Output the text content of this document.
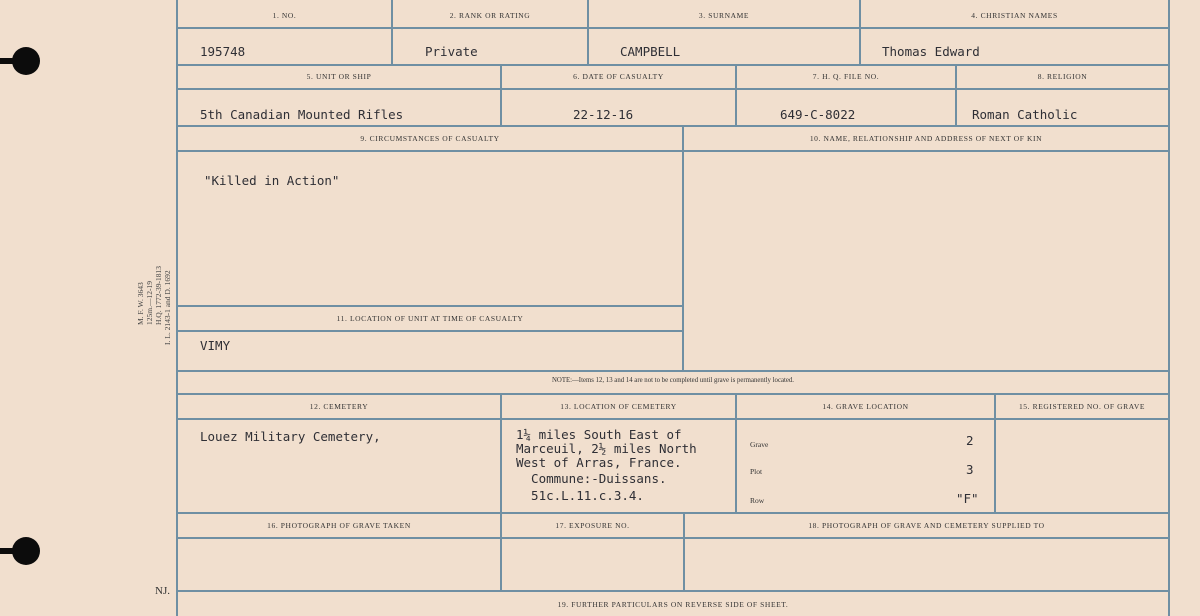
M. F. W. 3643 125m.—12-19 H.Q. 1772-39-1813 I. L. 2143-1 and D. 1692
NJ.
1. NO.	2. RANK OR RATING	3. SURNAME	4. CHRISTIAN NAMES
195748	Private	CAMPBELL	Thomas Edward
5. UNIT OR SHIP	6. DATE OF CASUALTY	7. H. Q. FILE NO.	8. RELIGION
5th Canadian Mounted Rifles	22-12-16	649-C-8022	Roman Catholic
9. CIRCUMSTANCES OF CASUALTY	10. NAME, RELATIONSHIP AND ADDRESS OF NEXT OF KIN
"Killed in Action"
11. LOCATION OF UNIT AT TIME OF CASUALTY
VIMY
NOTE:—Items 12, 13 and 14 are not to be completed until grave is permanently located.
12. CEMETERY	13. LOCATION OF CEMETERY	14. GRAVE LOCATION	15. REGISTERED NO. OF GRAVE
Louez Military Cemetery,	1¼ miles South East of
Marceuil, 2½ miles North
West of Arras, France.
Commune:-Duissans.
51c.L.11.c.3.4.
Grave	2
Plot	3
Row	"F"
16. PHOTOGRAPH OF GRAVE TAKEN	17. EXPOSURE NO.	18. PHOTOGRAPH OF GRAVE AND CEMETERY SUPPLIED TO
19. FURTHER PARTICULARS ON REVERSE SIDE OF SHEET.
